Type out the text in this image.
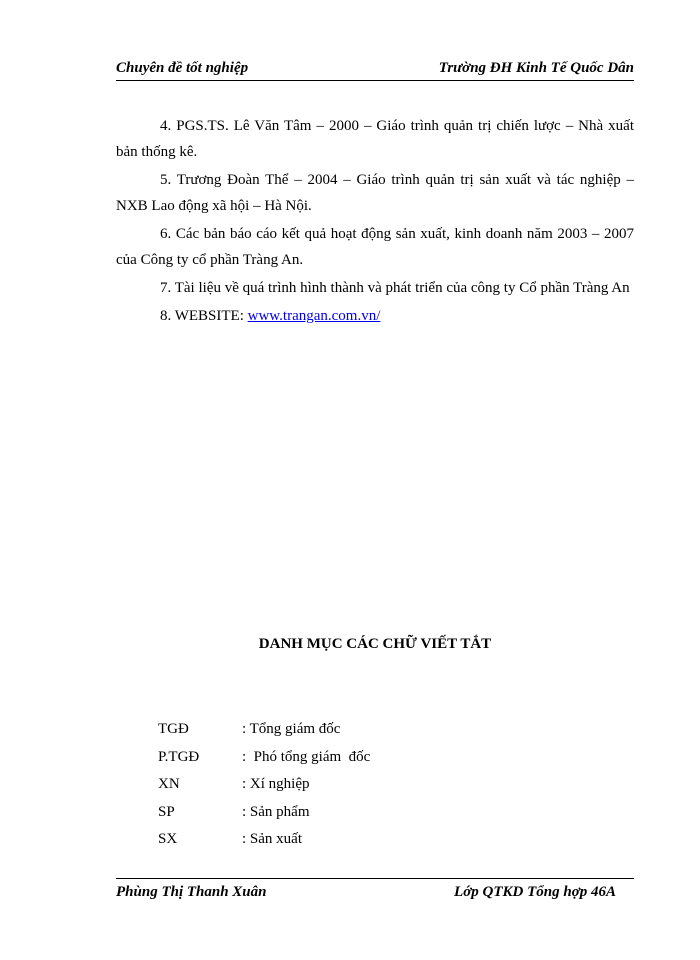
Chuyên đề tốt nghiệp	Trường ĐH Kinh Tế Quốc Dân

4. PGS.TS. Lê Văn Tâm – 2000 – Giáo trình quản trị chiến lược – Nhà xuất bản thống kê.

5. Trương Đoàn Thể – 2004 – Giáo trình quản trị sản xuất và tác nghiệp – NXB Lao động xã hội – Hà Nội.

6. Các bản báo cáo kết quả hoạt động sản xuất, kinh doanh năm 2003 – 2007 của Công ty cổ phần Tràng An.

7. Tài liệu về quá trình hình thành và phát triển của công ty Cổ phần Tràng An

8. WEBSITE: www.trangan.com.vn/

DANH MỤC CÁC CHỮ VIẾT TẮT
TGĐ	: Tổng giám đốc
P.TGĐ	:  Phó tổng giám  đốc
XN	: Xí nghiệp
SP	: Sản phẩm
SX	: Sản xuất
Phùng Thị Thanh Xuân	Lớp QTKD Tổng hợp 46A
